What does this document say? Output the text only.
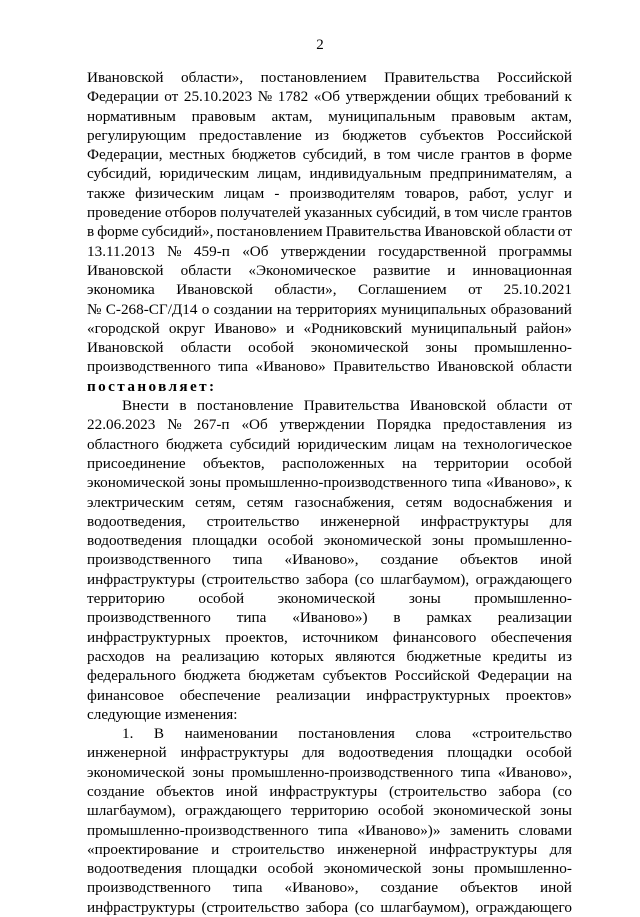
2
Ивановской области», постановлением Правительства Российской
Федерации от 25.10.2023 № 1782 «Об утверждении общих требований к
нормативным правовым актам, муниципальным правовым актам,
регулирующим предоставление из бюджетов субъектов Российской
Федерации, местных бюджетов субсидий, в том числе грантов в форме
субсидий, юридическим лицам, индивидуальным предпринимателям, а
также физическим лицам - производителям товаров, работ, услуг и
проведение отборов получателей указанных субсидий, в том числе грантов
в форме субсидий», постановлением Правительства Ивановской области от
13.11.2013 № 459-п «Об утверждении государственной программы
Ивановской области «Экономическое развитие и инновационная
экономика Ивановской области», Соглашением от 25.10.2021
№ С-268-СГ/Д14 о создании на территориях муниципальных образований
«городской округ Иваново» и «Родниковский муниципальный район»
Ивановской области особой экономической зоны промышленно-
производственного типа «Иваново» Правительство Ивановской области
постановляет:
Внести в постановление Правительства Ивановской области от
22.06.2023 № 267-п «Об утверждении Порядка предоставления из
областного бюджета субсидий юридическим лицам на технологическое
присоединение объектов, расположенных на территории особой
экономической зоны промышленно-производственного типа «Иваново», к
электрическим сетям, сетям газоснабжения, сетям водоснабжения и
водоотведения, строительство инженерной инфраструктуры для
водоотведения площадки особой экономической зоны промышленно-
производственного типа «Иваново», создание объектов иной
инфраструктуры (строительство забора (со шлагбаумом), ограждающего
территорию особой экономической зоны промышленно-
производственного типа «Иваново») в рамках реализации
инфраструктурных проектов, источником финансового обеспечения
расходов на реализацию которых являются бюджетные кредиты из
федерального бюджета бюджетам субъектов Российской Федерации на
финансовое обеспечение реализации инфраструктурных проектов»
следующие изменения:
1. В наименовании постановления слова «строительство
инженерной инфраструктуры для водоотведения площадки особой
экономической зоны промышленно-производственного типа «Иваново»,
создание объектов иной инфраструктуры (строительство забора (со
шлагбаумом), ограждающего территорию особой экономической зоны
промышленно-производственного типа «Иваново»)» заменить словами
«проектирование и строительство инженерной инфраструктуры для
водоотведения площадки особой экономической зоны промышленно-
производственного типа «Иваново», создание объектов иной
инфраструктуры (строительство забора (со шлагбаумом), ограждающего
